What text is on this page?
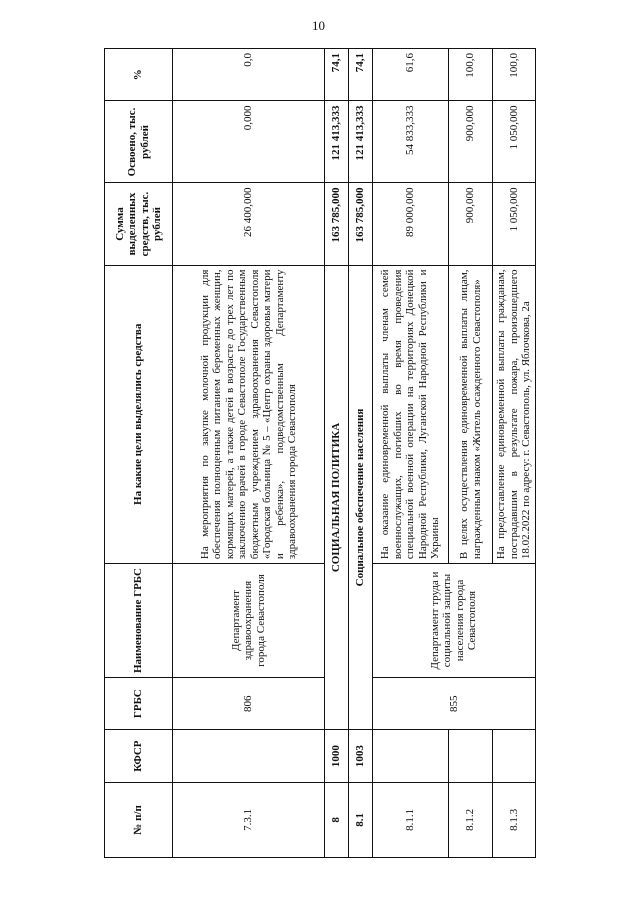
10
№ п/п	КФСР	ГРБС	Наименование ГРБС	На какие цели выделялись средства	Сумма выделенных средств, тыс. рублей	Освоено, тыс. рублей	%
7.3.1		806	Департамент здравоохранения города Севастополя	На мероприятия по закупке молочной продукции для обеспечения полноценным питанием беременных женщин, кормящих матерей, а также детей в возрасте до трех лет по заключению врачей в городе Севастополе Государственным бюджетным учреждением здравоохранения Севастополя «Городская больница № 5 – «Центр охраны здоровья матери и ребенка», подведомственным Департаменту здравоохранения города Севастополя	26 400,000	0,000	0,0
8	1000	СОЦИАЛЬНАЯ ПОЛИТИКА			163 785,000	121 413,333	74,1
8.1	1003	Социальное обеспечение населения			163 785,000	121 413,333	74,1
8.1.1		855	Департамент труда и социальной защиты населения города Севастополя	На оказание единовременной выплаты членам семей военнослужащих, погибших во время проведения специальной военной операции на территориях Донецкой Народной Республики, Луганской Народной Республики и Украины	89 000,000	54 833,333	61,6
8.1.2				В целях осуществления единовременной выплаты лицам, награжденным знаком «Житель осажденного Севастополя»	900,000	900,000	100,0
8.1.3				На предоставление единовременной выплаты гражданам, пострадавшим в результате пожара, произошедшего 18.02.2022 по адресу: г. Севастополь, ул. Яблочкова, 2а	1 050,000	1 050,000	100,0
